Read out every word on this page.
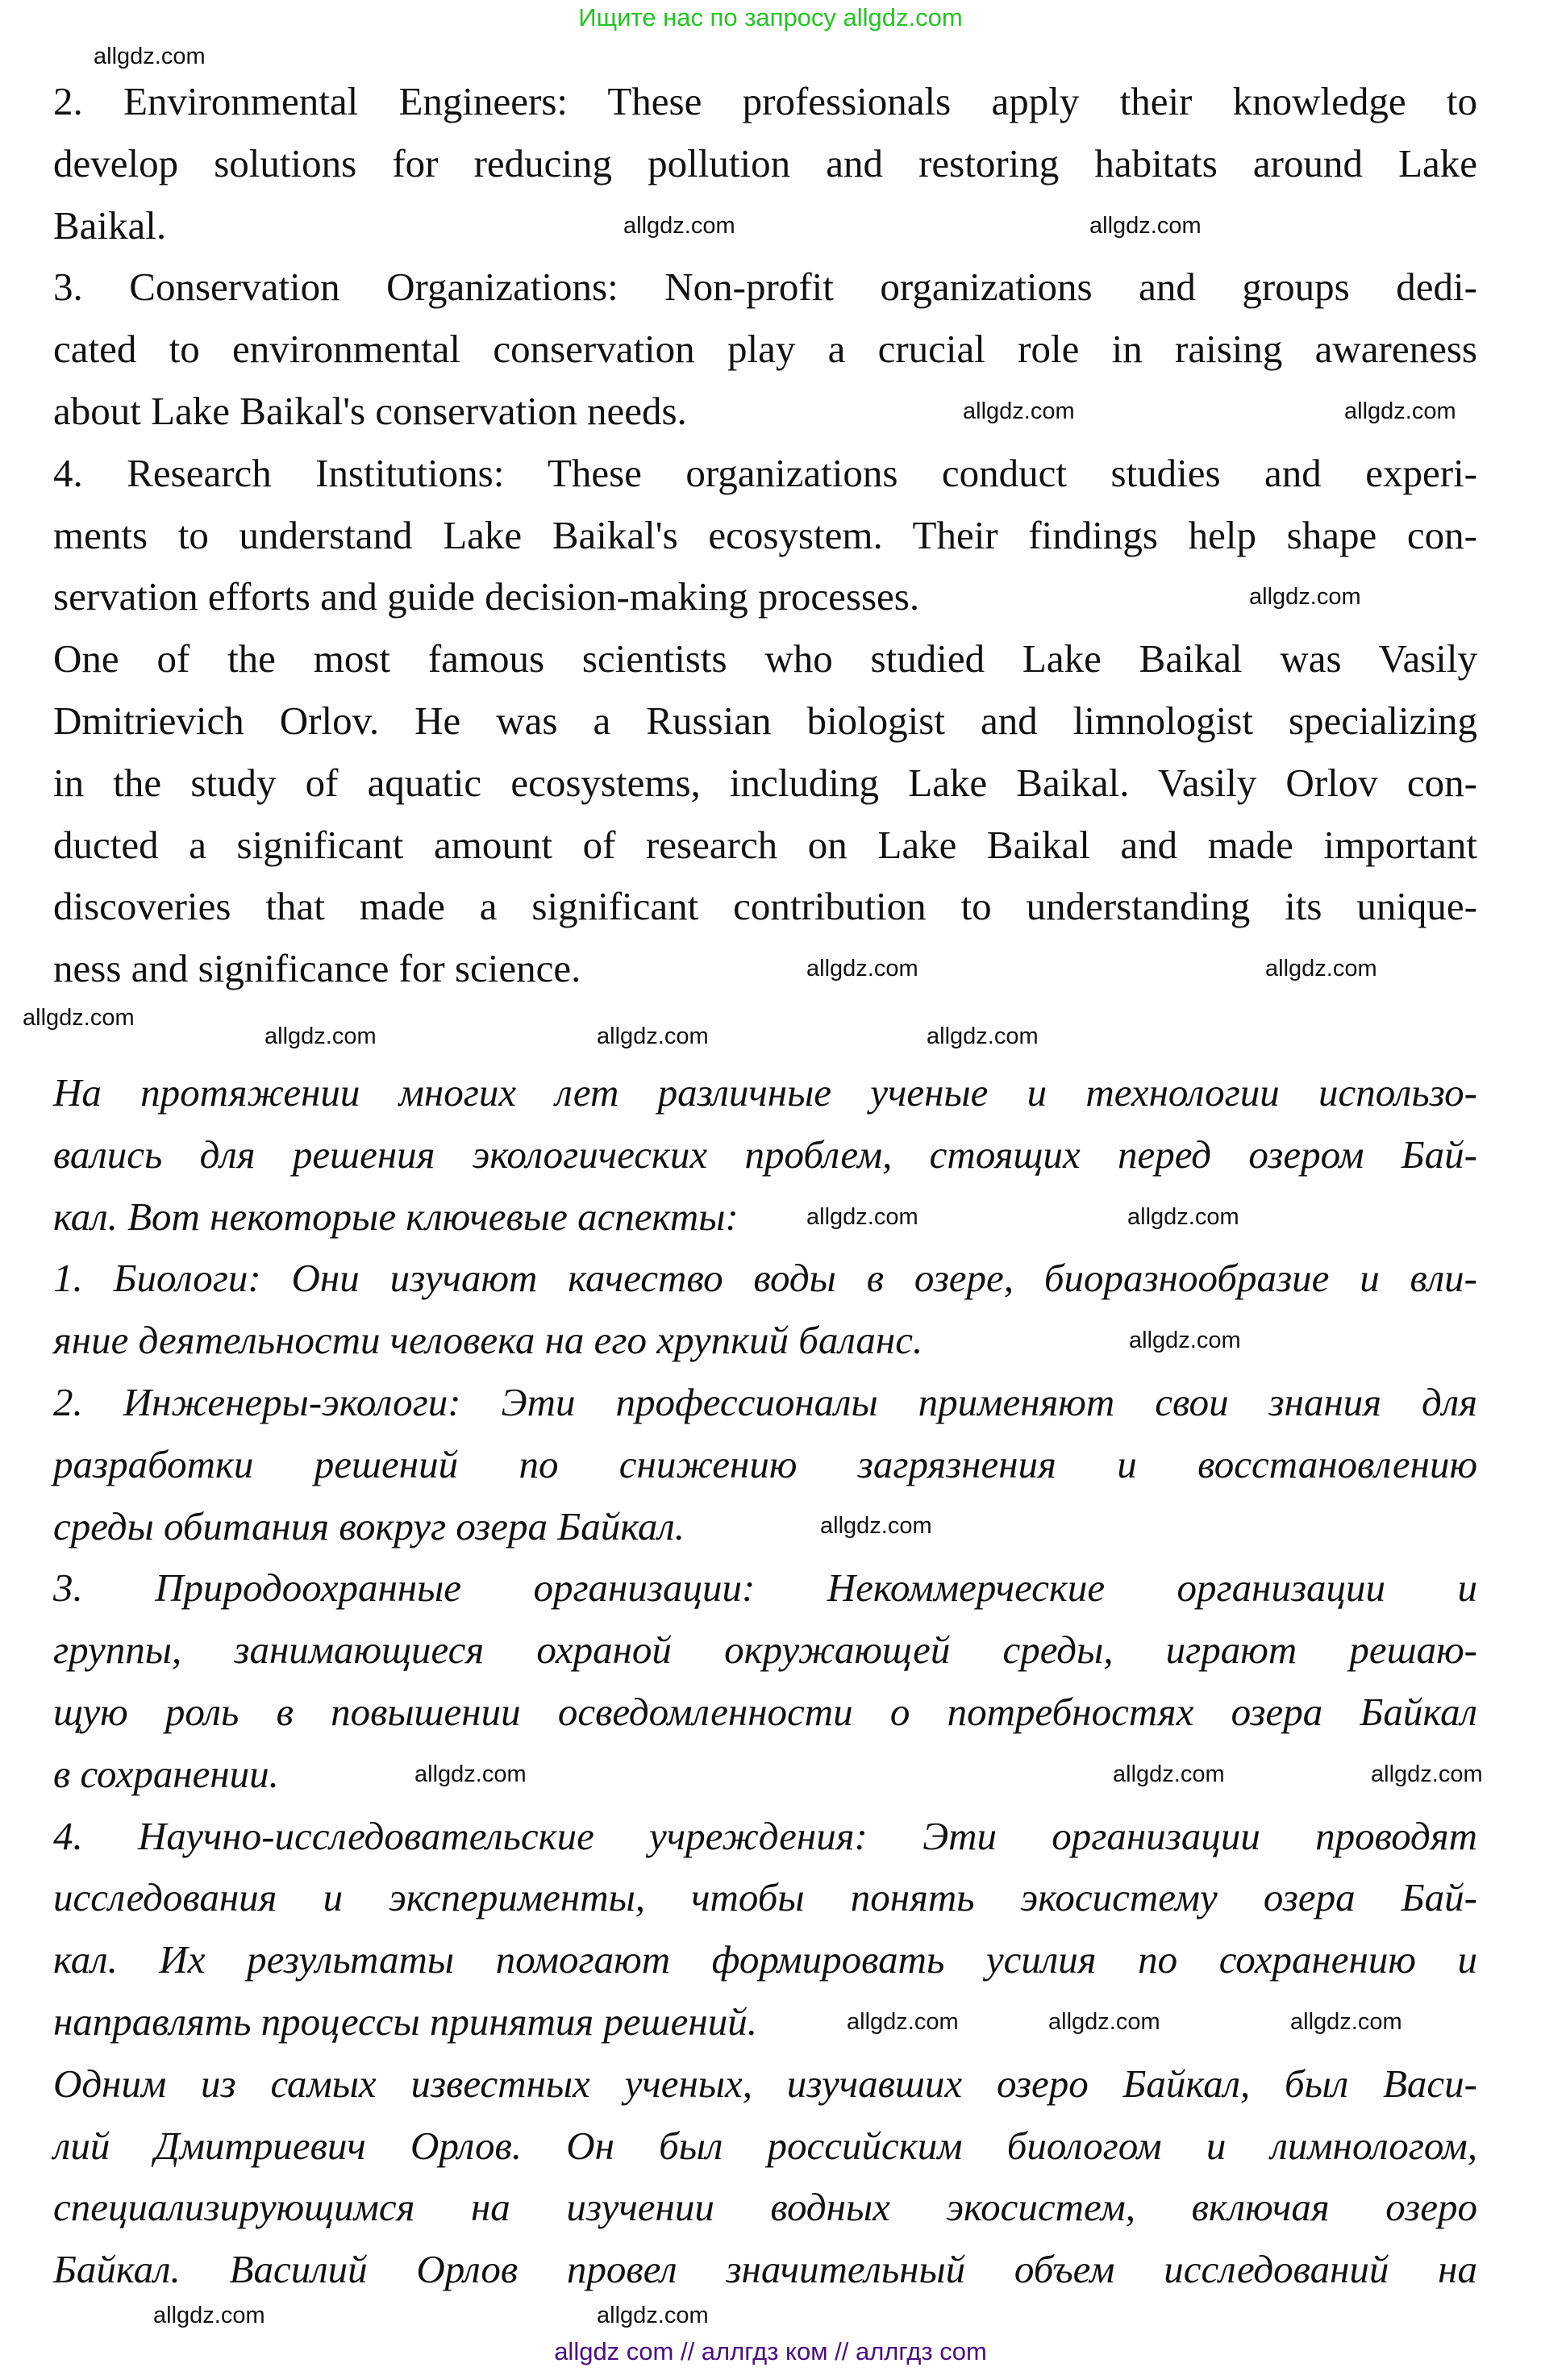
Ищите нас по запросу allgdz.com
2. Environmental Engineers: These professionals apply their knowledge to
develop solutions for reducing pollution and restoring habitats around Lake
Baikal.
3. Conservation Organizations: Non-profit organizations and groups dedi-
cated to environmental conservation play a crucial role in raising awareness
about Lake Baikal's conservation needs.
4. Research Institutions: These organizations conduct studies and experi-
ments to understand Lake Baikal's ecosystem. Their findings help shape con-
servation efforts and guide decision-making processes.
One of the most famous scientists who studied Lake Baikal was Vasily
Dmitrievich Orlov. He was a Russian biologist and limnologist specializing
in the study of aquatic ecosystems, including Lake Baikal. Vasily Orlov con-
ducted a significant amount of research on Lake Baikal and made important
discoveries that made a significant contribution to understanding its unique-
ness and significance for science.
На протяжении многих лет различные ученые и технологии использо-
вались для решения экологических проблем, стоящих перед озером Бай-
кал. Вот некоторые ключевые аспекты:
1. Биологи: Они изучают качество воды в озере, биоразнообразие и вли-
яние деятельности человека на его хрупкий баланс.
2. Инженеры-экологи: Эти профессионалы применяют свои знания для
разработки решений по снижению загрязнения и восстановлению
среды обитания вокруг озера Байкал.
3. Природоохранные организации: Некоммерческие организации и
группы, занимающиеся охраной окружающей среды, играют решаю-
щую роль в повышении осведомленности о потребностях озера Байкал
в сохранении.
4. Научно-исследовательские учреждения: Эти организации проводят
исследования и эксперименты, чтобы понять экосистему озера Бай-
кал. Их результаты помогают формировать усилия по сохранению и
направлять процессы принятия решений.
Одним из самых известных ученых, изучавших озеро Байкал, был Васи-
лий Дмитриевич Орлов. Он был российским биологом и лимнологом,
специализирующимся на изучении водных экосистем, включая озеро
Байкал. Василий Орлов провел значительный объем исследований на
allgdz.com
allgdz.com
allgdz.com
allgdz.com
allgdz.com
allgdz.com
allgdz.com
allgdz.com	allgdz.com
allgdz.com
allgdz.com	allgdz.com
allgdz.com
allgdz.com
allgdz.com
allgdz.com
allgdz.com	allgdz.com
allgdz.com
allgdz.com	allgdz.com
allgdz.com
allgdz.com
allgdz.com
allgdz com // аллгдз ком // аллгдз com
